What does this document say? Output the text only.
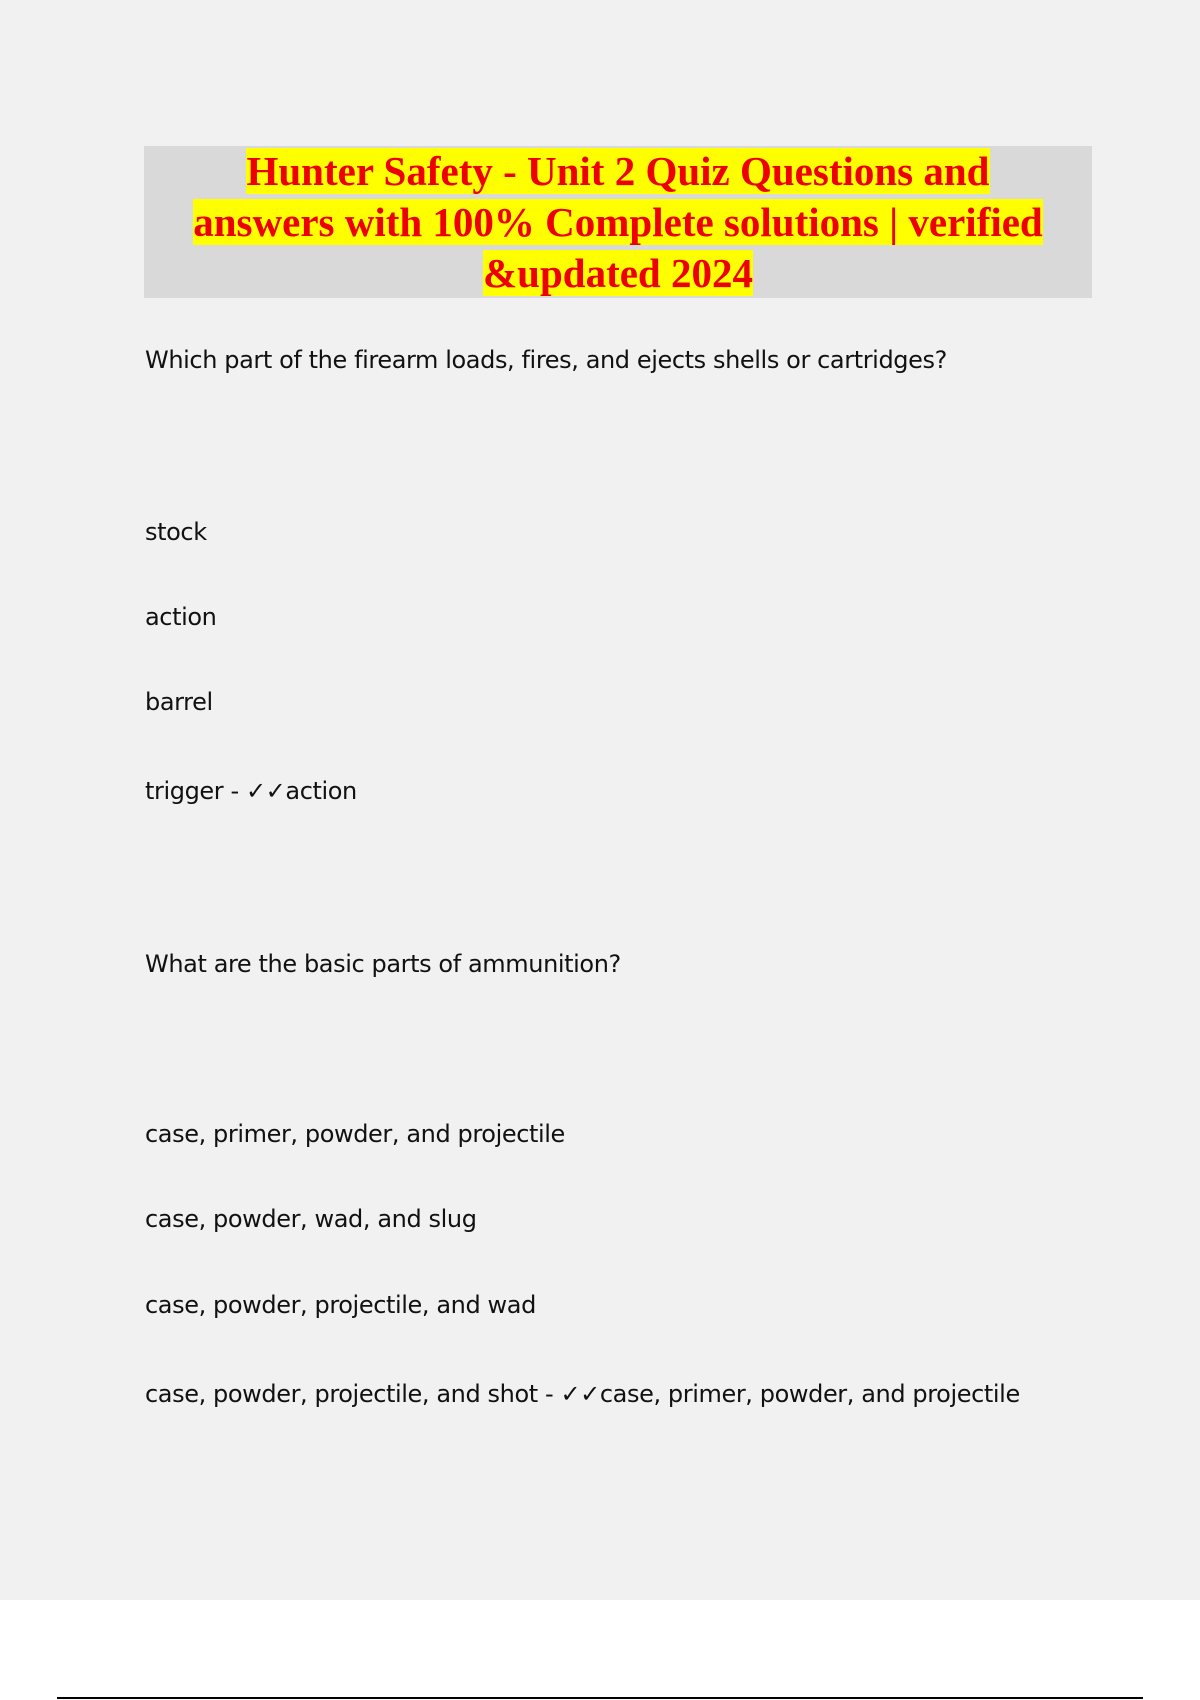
Hunter Safety - Unit 2 Quiz Questions and
answers with 100% Complete solutions | verified
&updated 2024

Which part of the firearm loads, fires, and ejects shells or cartridges?
stock
action
barrel
trigger - ✓✓action
What are the basic parts of ammunition?
case, primer, powder, and projectile
case, powder, wad, and slug
case, powder, projectile, and wad
case, powder, projectile, and shot - ✓✓case, primer, powder, and projectile
